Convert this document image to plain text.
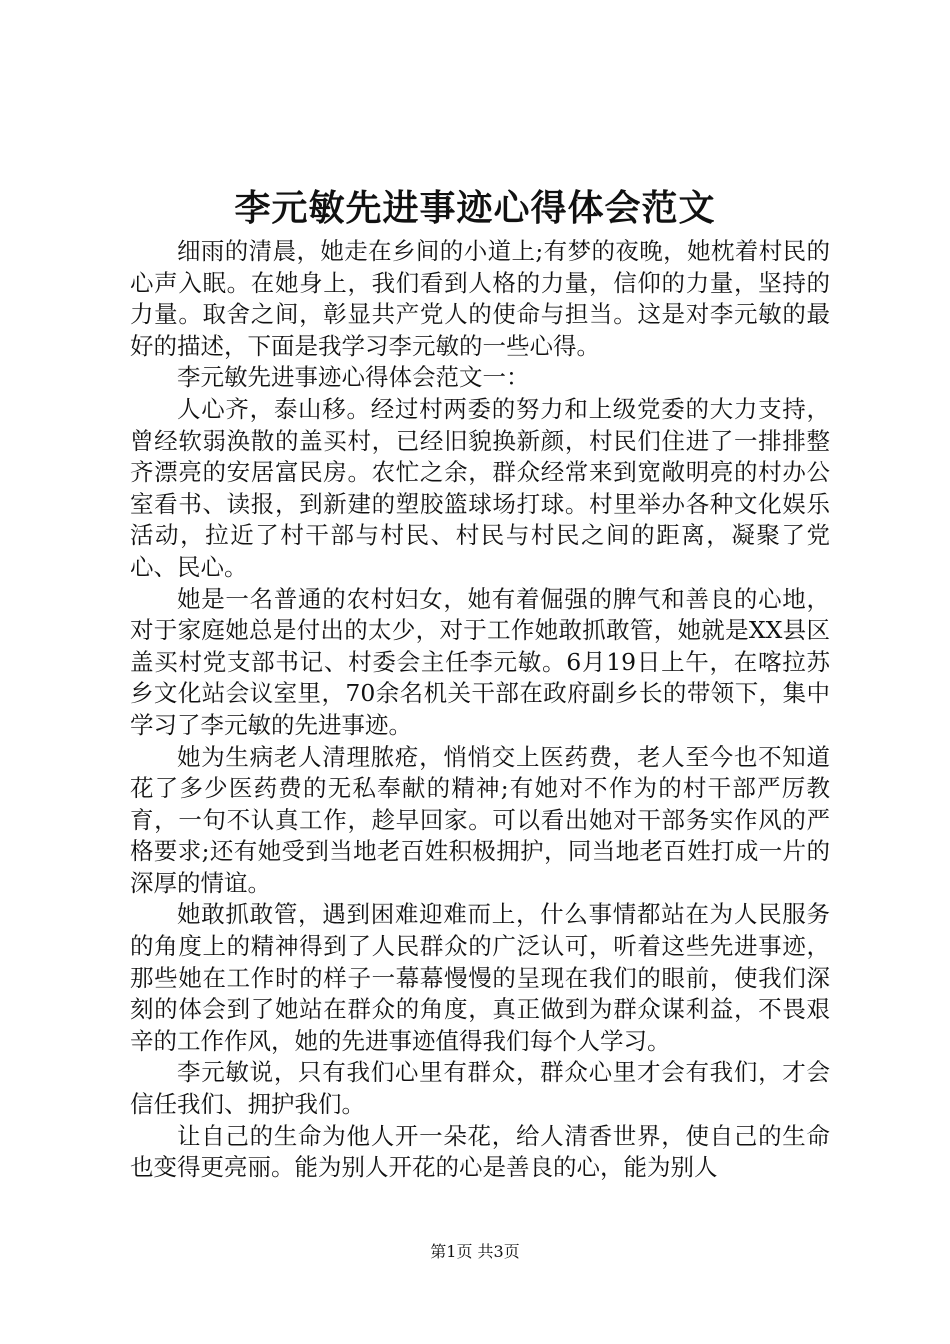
李元敏先进事迹心得体会范文

细雨的清晨，她走在乡间的小道上;有梦的夜晚，她枕着村民的心声入眠。在她身上，我们看到人格的力量，信仰的力量，坚持的力量。取舍之间，彰显共产党人的使命与担当。这是对李元敏的最好的描述，下面是我学习李元敏的一些心得。

李元敏先进事迹心得体会范文一：

人心齐，泰山移。经过村两委的努力和上级党委的大力支持，曾经软弱涣散的盖买村，已经旧貌换新颜，村民们住进了一排排整齐漂亮的安居富民房。农忙之余，群众经常来到宽敞明亮的村办公室看书、读报，到新建的塑胶篮球场打球。村里举办各种文化娱乐活动，拉近了村干部与村民、村民与村民之间的距离，凝聚了党心、民心。

她是一名普通的农村妇女，她有着倔强的脾气和善良的心地，对于家庭她总是付出的太少，对于工作她敢抓敢管，她就是XX县区盖买村党支部书记、村委会主任李元敏。6月19日上午，在喀拉苏乡文化站会议室里，70余名机关干部在政府副乡长的带领下，集中学习了李元敏的先进事迹。

她为生病老人清理脓疮，悄悄交上医药费，老人至今也不知道花了多少医药费的无私奉献的精神;有她对不作为的村干部严厉教育，一句不认真工作，趁早回家。可以看出她对干部务实作风的严格要求;还有她受到当地老百姓积极拥护，同当地老百姓打成一片的深厚的情谊。

她敢抓敢管，遇到困难迎难而上，什么事情都站在为人民服务的角度上的精神得到了人民群众的广泛认可，听着这些先进事迹，那些她在工作时的样子一幕幕慢慢的呈现在我们的眼前，使我们深刻的体会到了她站在群众的角度，真正做到为群众谋利益，不畏艰辛的工作作风，她的先进事迹值得我们每个人学习。

李元敏说，只有我们心里有群众，群众心里才会有我们，才会信任我们、拥护我们。

让自己的生命为他人开一朵花，给人清香世界，使自己的生命也变得更亮丽。能为别人开花的心是善良的心，能为别人

第1页 共3页
